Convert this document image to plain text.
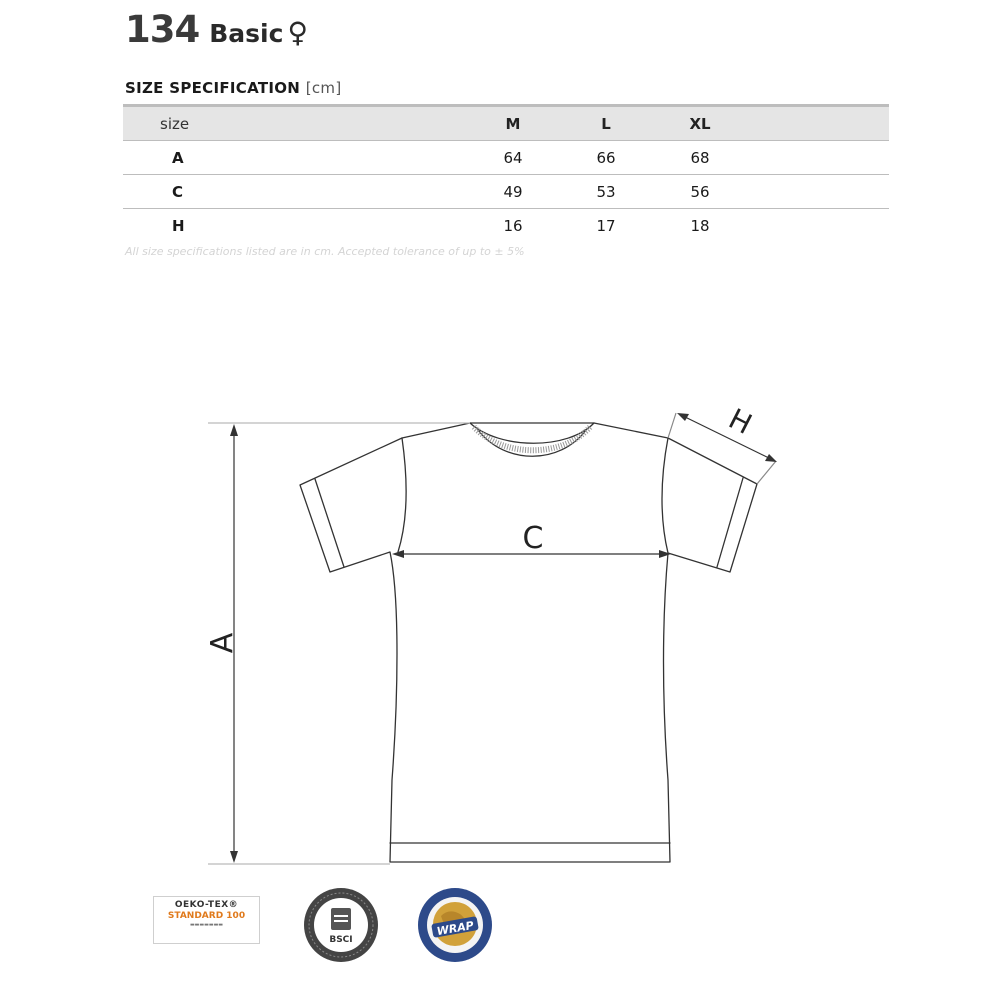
134 Basic ♀
SIZE SPECIFICATION [cm]
size	M	L	XL	
A	64	66	68	
C	49	53	56	
H	16	17	18	
All size specifications listed are in cm. Accepted tolerance of up to ± 5%
A
C
H
OEKO-TEX®
STANDARD 100
▬▬▬▬▬▬▬
BSCI
WRAP
